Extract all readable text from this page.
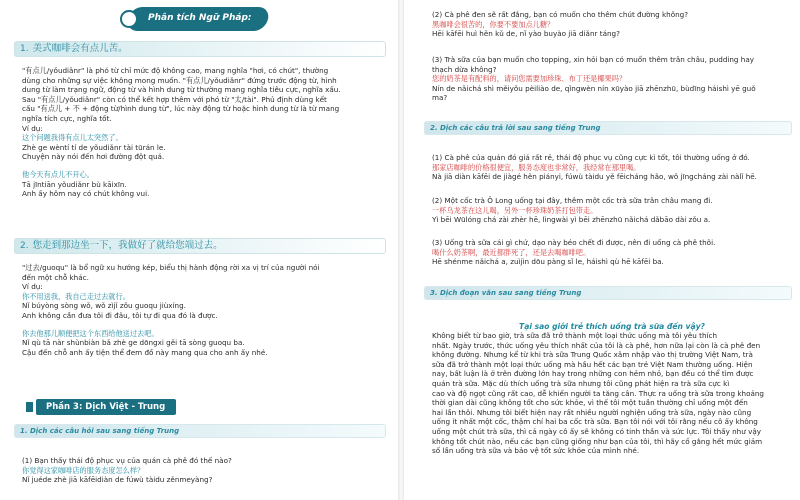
Phân tích Ngữ Pháp:
1. 美式咖啡会有点儿苦。

"有点儿/yǒudiǎnr" là phó từ chỉ mức độ không cao, mang nghĩa "hơi, có chút", thường

dùng cho những sự việc không mong muốn. "有点儿/yǒudiǎnr" đứng trước động từ, hình

dung từ làm trạng ngữ, động từ và hình dung từ thường mang nghĩa tiêu cực, nghĩa xấu.

Sau "有点儿/yǒudiǎnr" còn có thể kết hợp thêm với phó từ "太/tài". Phủ định dùng kết

cấu "有点儿 + 不 + động từ/hình dung từ", lúc này động từ hoặc hình dung từ là từ mang

nghĩa tích cực, nghĩa tốt.

Ví dụ:

这个问题我得有点儿太突然了。

Zhè ge wèntí tí de yǒudiǎnr tài tūrán le.

Chuyện này nói đến hơi đường đột quá.

他今天有点儿不开心。

Tā jīntiān yǒudiǎnr bù kāixīn.

Anh ấy hôm nay có chút không vui.

2. 您走到那边坐一下，我做好了就给您端过去。

"过去/guoqu" là bổ ngữ xu hướng kép, biểu thị hành động rời xa vị trí của người nói

đến một chỗ khác.

Ví dụ:

你不用送我，我自己走过去就行。

Nǐ búyòng sòng wǒ, wǒ zìjǐ zǒu guoqu jiùxíng.

Anh không cần đưa tôi đi đâu, tôi tự đi qua đó là được.

你去他那儿顺便把这个东西给他送过去吧。

Nǐ qù tā nàr shùnbiàn bǎ zhè ge dōngxi gěi tā sòng guoqu ba.

Cậu đến chỗ anh ấy tiện thể đem đồ này mang qua cho anh ấy nhé.

Phần 3: Dịch Việt - Trung
1. Dịch các câu hỏi sau sang tiếng Trung

(1) Bạn thấy thái độ phục vụ của quán cà phê đó thế nào?

你觉得这家咖啡店的服务态度怎么样？

Nǐ juéde zhè jiā kāfēidiàn de fúwù tàidu zěnmeyàng?

(2) Cà phê đen sẽ rất đắng, bạn có muốn cho thêm chút đường không?

黑咖啡会很苦的，你要不要加点儿糖？

Hēi kāfēi huì hěn kǔ de, nǐ yào buyào jiā diǎnr táng?

(3) Trà sữa của bạn muốn cho topping, xin hỏi bạn có muốn thêm trân châu, pudding hay

thạch dừa không?

您的奶茶是有配料的，请问您需要加珍珠、布丁还是椰果吗？

Nín de nǎichá shì měiyǒu pèiliào de, qǐngwèn nín xūyào jiā zhēnzhū, bùdīng háishì yē guǒ

ma?

2. Dịch các câu trả lời sau sang tiếng Trung

(1) Cà phê của quán đó giá rất rẻ, thái độ phục vụ cũng cực kì tốt, tôi thường uống ở đó.

那家店咖啡的价格很便宜，服务态度也非常好，我经常在那里喝。

Nà jiā diàn kāfēi de jiàgé hěn piányi, fúwù tàidu yě fēicháng hǎo, wǒ jīngcháng zài nàlǐ hē.

(2) Một cốc trà Ô Long uống tại đây, thêm một cốc trà sữa trân châu mang đi.

一杯乌龙茶在这儿喝，另外一杯珍珠奶茶打包带走。

Yì bēi Wūlóng chá zài zhèr hē, lìngwài yì bēi zhēnzhū nǎichá dǎbāo dài zǒu a.

(3) Uống trà sữa cái gì chứ, dạo này béo chết đi được, nên đi uống cà phê thôi.

喝什么奶茶啊，最近都胖死了，还是去喝咖啡吧。

Hē shénme nǎichá a, zuìjìn dōu pàng sǐ le, háishì qù hē kāfēi ba.

3. Dịch đoạn văn sau sang tiếng Trung

Tại sao giới trẻ thích uống trà sữa đến vậy?

Không biết từ bao giờ, trà sữa đã trở thành một loại thức uống mà tôi yêu thích

nhất. Ngày trước, thức uống yêu thích nhất của tôi là cà phê, hơn nữa lại còn là cà phê đen

không đường. Nhưng kể từ khi trà sữa Trung Quốc xâm nhập vào thị trường Việt Nam, trà

sữa đã trở thành một loại thức uống mà hầu hết các bạn trẻ Việt Nam thường uống. Hiện

nay, bất luận là ở trên đường lớn hay trong những con hẻm nhỏ, bạn đều có thể tìm được

quán trà sữa. Mặc dù thích uống trà sữa nhưng tôi cũng phát hiện ra trà sữa cực kì

cao và độ ngọt cũng rất cao, dễ khiến người ta tăng cân. Thực ra uống trà sữa trong khoảng

thời gian dài cũng không tốt cho sức khỏe, vì thế tôi một tuần thường chỉ uống một đến

hai lần thôi. Nhưng tôi biết hiện nay rất nhiều người nghiện uống trà sữa, ngày nào cũng

uống ít nhất một cốc, thậm chí hai ba cốc trà sữa. Bạn tôi nói với tôi rằng nếu cô ấy không

uống một chút trà sữa, thì cả ngày cô ấy sẽ không có tinh thần và sức lực. Tôi thấy như vậy

không tốt chút nào, nếu các bạn cũng giống như bạn của tôi, thì hãy cố gắng hết mức giảm

số lần uống trà sữa và bảo vệ tốt sức khỏe của mình nhé.
